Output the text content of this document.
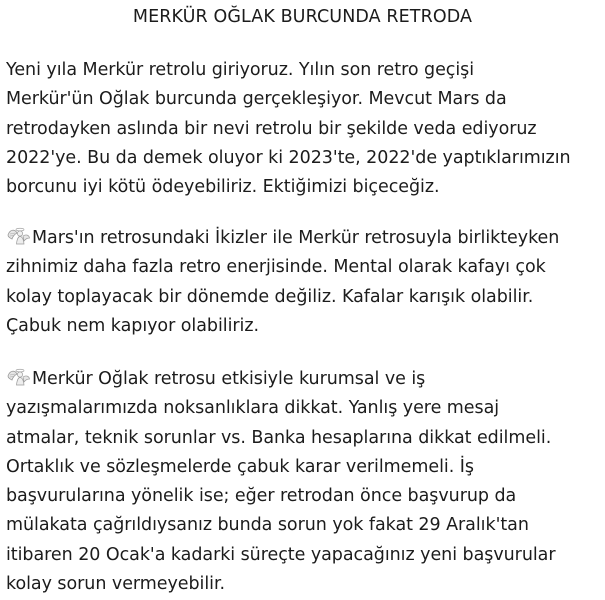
MERKÜR OĞLAK BURCUNDA RETRODA

Yeni yıla Merkür retrolu giriyoruz. Yılın son retro geçişi
Merkür'ün Oğlak burcunda gerçekleşiyor. Mevcut Mars da
retrodayken aslında bir nevi retrolu bir şekilde veda ediyoruz
2022'ye. Bu da demek oluyor ki 2023'te, 2022'de yaptıklarımızın
borcunu iyi kötü ödeyebiliriz. Ektiğimizi biçeceğiz.

Mars'ın retrosundaki İkizler ile Merkür retrosuyla birlikteyken
zihnimiz daha fazla retro enerjisinde. Mental olarak kafayı çok
kolay toplayacak bir dönemde değiliz. Kafalar karışık olabilir.
Çabuk nem kapıyor olabiliriz.

Merkür Oğlak retrosu etkisiyle kurumsal ve iş
yazışmalarımızda noksanlıklara dikkat. Yanlış yere mesaj
atmalar, teknik sorunlar vs. Banka hesaplarına dikkat edilmeli.
Ortaklık ve sözleşmelerde çabuk karar verilmemeli. İş
başvurularına yönelik ise; eğer retrodan önce başvurup da
mülakata çağrıldıysanız bunda sorun yok fakat 29 Aralık'tan
itibaren 20 Ocak'a kadarki süreçte yapacağınız yeni başvurular
kolay sorun vermeyebilir.
